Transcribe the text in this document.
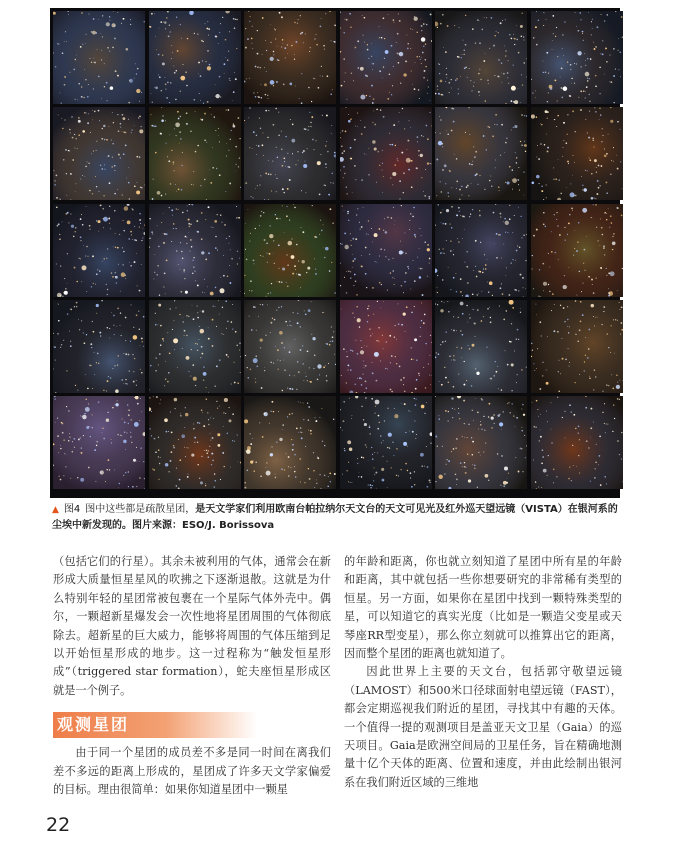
▲ 图4 图中这些都是疏散星团，是天文学家们利用欧南台帕拉纳尔天文台的天文可见光及红外巡天望远镜（VISTA）在银河系的尘埃中新发现的。图片来源：ESO/J. Borissova

（包括它们的行星）。其余未被利用的气体，通常会在新形成大质量恒星星风的吹拂之下逐渐退散。这就是为什么特别年轻的星团常被包裹在一个星际气体外壳中。偶尔，一颗超新星爆发会一次性地将星团周围的气体彻底除去。超新星的巨大威力，能够将周围的气体压缩到足以开始恒星形成的地步。这一过程称为“触发恒星形成”（triggered star formation），蛇夫座恒星形成区就是一个例子。

观测星团

由于同一个星团的成员差不多是同一时间在离我们差不多远的距离上形成的，星团成了许多天文学家偏爱的目标。理由很简单：如果你知道星团中一颗星

的年龄和距离，你也就立刻知道了星团中所有星的年龄和距离，其中就包括一些你想要研究的非常稀有类型的恒星。另一方面，如果你在星团中找到一颗特殊类型的星，可以知道它的真实光度（比如是一颗造父变星或天琴座RR型变星），那么你立刻就可以推算出它的距离，因而整个星团的距离也就知道了。

因此世界上主要的天文台，包括郭守敬望远镜（LAMOST）和500米口径球面射电望远镜（FAST），都会定期巡视我们附近的星团，寻找其中有趣的天体。一个值得一提的观测项目是盖亚天文卫星（Gaia）的巡天项目。Gaia是欧洲空间局的卫星任务，旨在精确地测量十亿个天体的距离、位置和速度，并由此绘制出银河系在我们附近区域的三维地

22
